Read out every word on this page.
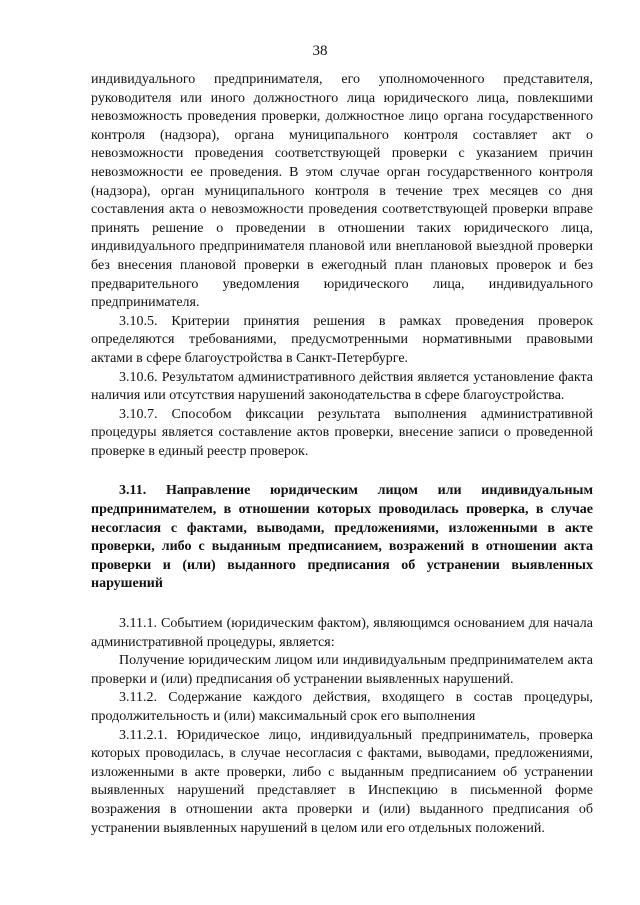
38

индивидуального предпринимателя, его уполномоченного представителя, руководителя или иного должностного лица юридического лица, повлекшими невозможность проведения проверки, должностное лицо органа государственного контроля (надзора), органа муниципального контроля составляет акт о невозможности проведения соответствующей проверки с указанием причин невозможности ее проведения. В этом случае орган государственного контроля (надзора), орган муниципального контроля в течение трех месяцев со дня составления акта о невозможности проведения соответствующей проверки вправе принять решение о проведении в отношении таких юридического лица, индивидуального предпринимателя плановой или внеплановой выездной проверки без внесения плановой проверки в ежегодный план плановых проверок и без предварительного уведомления юридического лица, индивидуального предпринимателя.

3.10.5. Критерии принятия решения в рамках проведения проверок определяются требованиями, предусмотренными нормативными правовыми актами в сфере благоустройства в Санкт-Петербурге.

3.10.6. Результатом административного действия является установление факта наличия или отсутствия нарушений законодательства в сфере благоустройства.

3.10.7. Способом фиксации результата выполнения административной процедуры является составление актов проверки, внесение записи о проведенной проверке в единый реестр проверок.

3.11. Направление юридическим лицом или индивидуальным предпринимателем, в отношении которых проводилась проверка, в случае несогласия с фактами, выводами, предложениями, изложенными в акте проверки, либо с выданным предписанием, возражений в отношении акта проверки и (или) выданного предписания об устранении выявленных нарушений

3.11.1. Событием (юридическим фактом), являющимся основанием для начала административной процедуры, является:

Получение юридическим лицом или индивидуальным предпринимателем акта проверки и (или) предписания об устранении выявленных нарушений.

3.11.2. Содержание каждого действия, входящего в состав процедуры, продолжительность и (или) максимальный срок его выполнения

3.11.2.1. Юридическое лицо, индивидуальный предприниматель, проверка которых проводилась, в случае несогласия с фактами, выводами, предложениями, изложенными в акте проверки, либо с выданным предписанием об устранении выявленных нарушений представляет в Инспекцию в письменной форме возражения в отношении акта проверки и (или) выданного предписания об устранении выявленных нарушений в целом или его отдельных положений.
